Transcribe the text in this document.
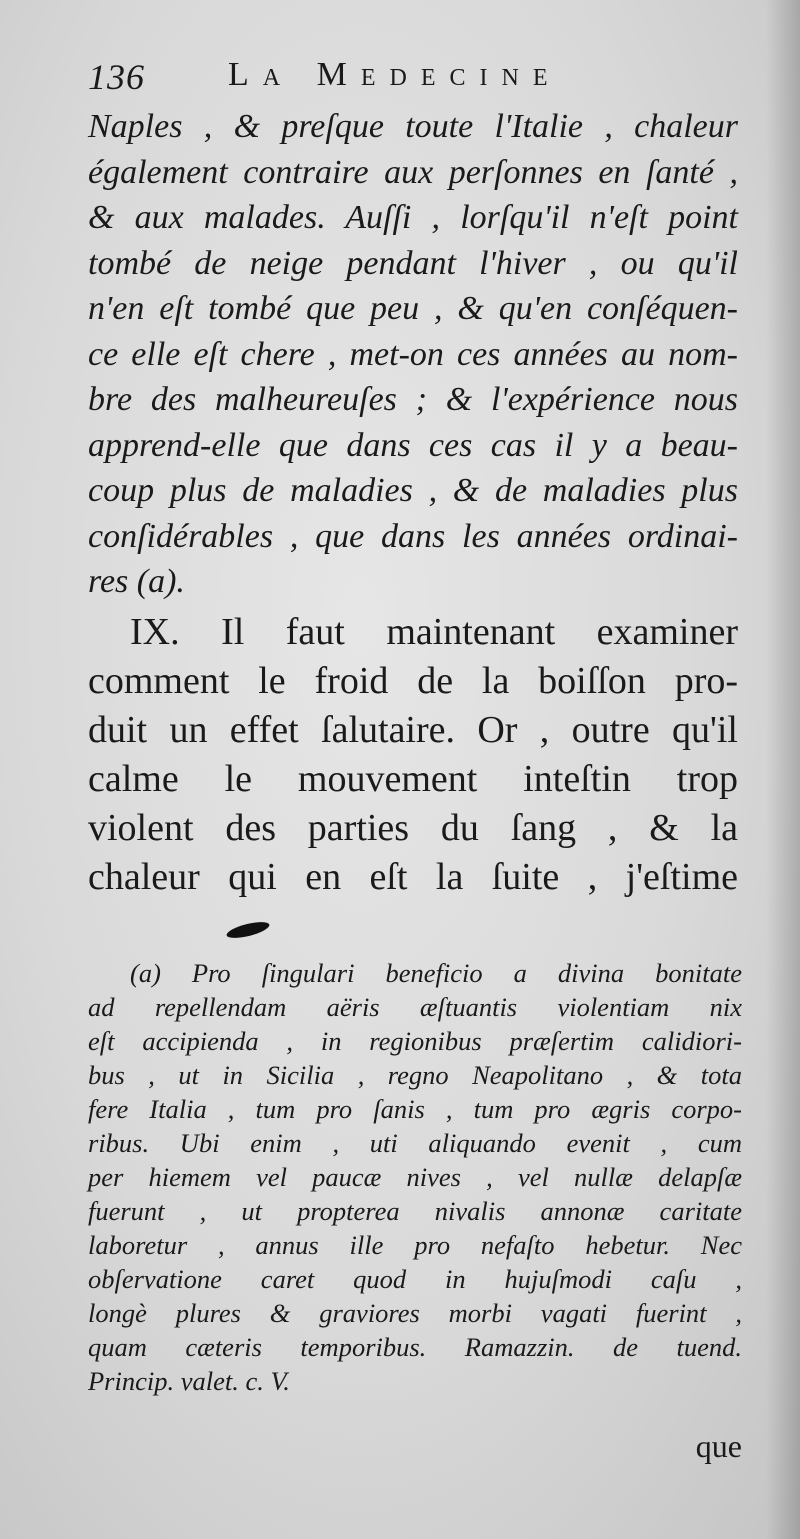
136 La Medecine
Naples , & preſque toute l'Italie , chaleur
également contraire aux perſonnes en ſanté ,
& aux malades. Auſſi , lorſqu'il n'eſt point
tombé de neige pendant l'hiver , ou qu'il
n'en eſt tombé que peu , & qu'en conſéquen-
ce elle eſt chere , met-on ces années au nom-
bre des malheureuſes ; & l'expérience nous
apprend-elle que dans ces cas il y a beau-
coup plus de maladies , & de maladies plus
conſidérables , que dans les années ordinai-
res (a).
IX. Il faut maintenant examiner
comment le froid de la boiſſon pro-
duit un effet ſalutaire. Or , outre qu'il
calme le mouvement inteſtin trop
violent des parties du ſang , & la
chaleur qui en eſt la ſuite , j'eſtime
(a) Pro ſingulari beneficio a divina bonitate
ad repellendam aëris æſtuantis violentiam nix
eſt accipienda , in regionibus præſertim calidiori-
bus , ut in Sicilia , regno Neapolitano , & tota
fere Italia , tum pro ſanis , tum pro ægris corpo-
ribus. Ubi enim , uti aliquando evenit , cum
per hiemem vel paucæ nives , vel nullæ delapſæ
fuerunt , ut propterea nivalis annonæ caritate
laboretur , annus ille pro nefaſto hebetur. Nec
obſervatione caret quod in hujuſmodi caſu ,
longè plures & graviores morbi vagati fuerint ,
quam cæteris temporibus. Ramazzin. de tuend.
Princip. valet. c. V.
que
